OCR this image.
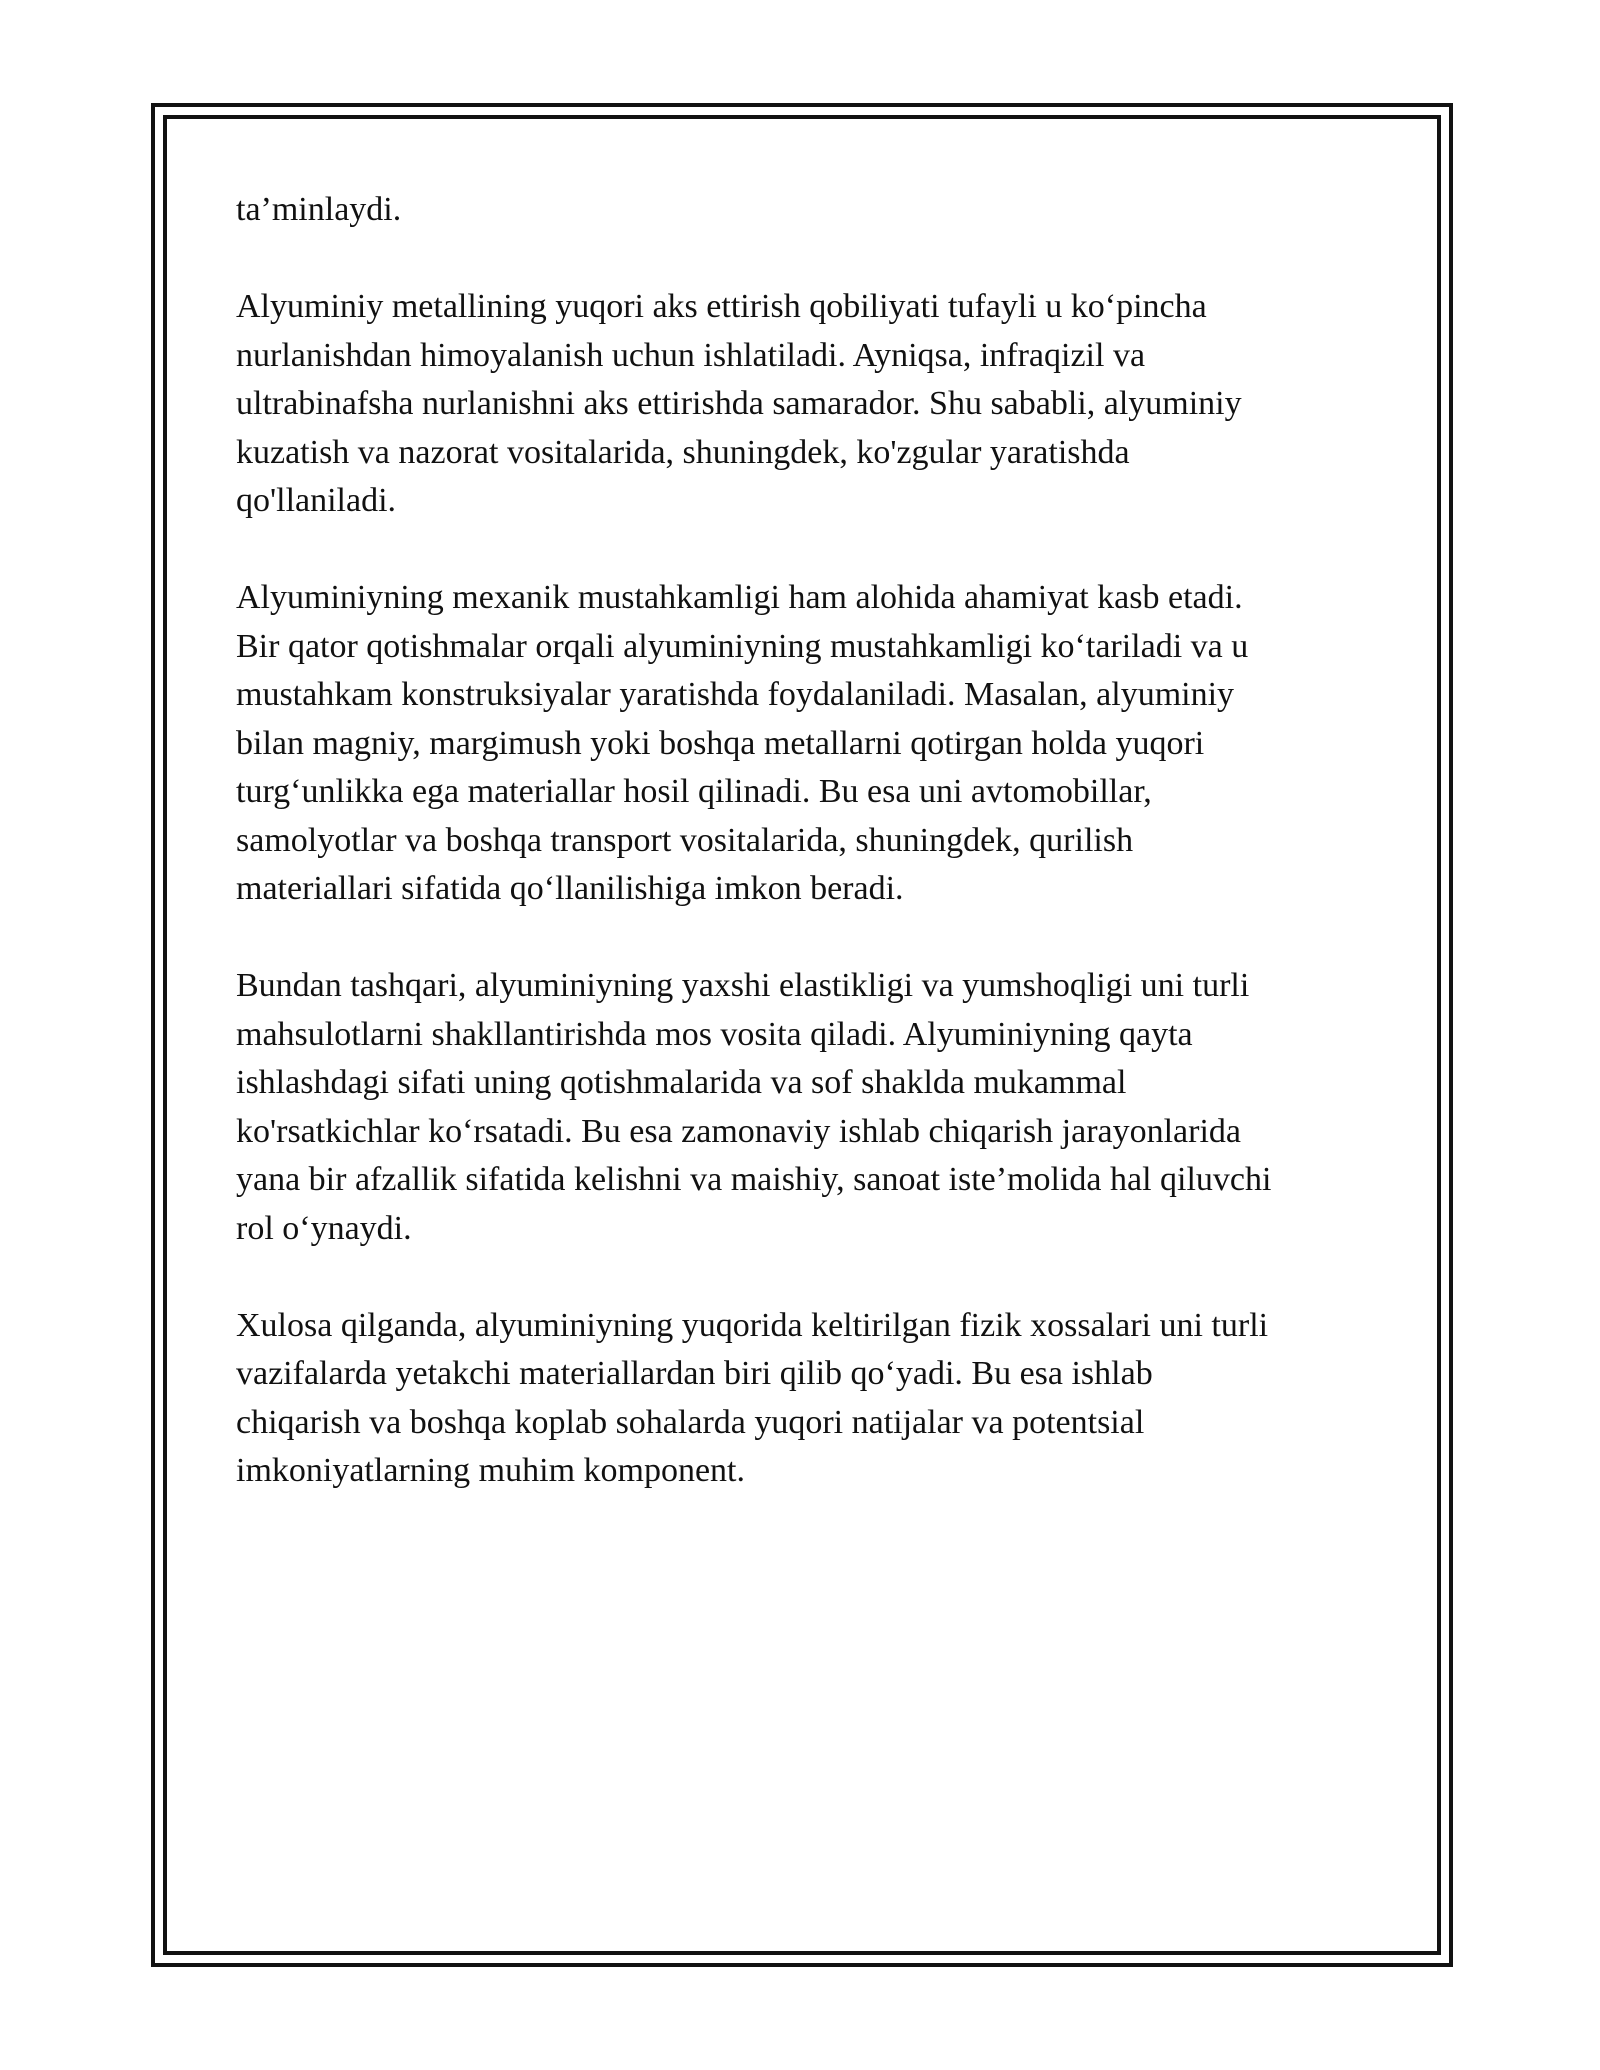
ta’minlaydi.

Alyuminiy metallining yuqori aks ettirish qobiliyati tufayli u ko‘pincha
nurlanishdan himoyalanish uchun ishlatiladi. Ayniqsa, infraqizil va
ultrabinafsha nurlanishni aks ettirishda samarador. Shu sababli, alyuminiy
kuzatish va nazorat vositalarida, shuningdek, ko'zgular yaratishda
qo'llaniladi.

Alyuminiyning mexanik mustahkamligi ham alohida ahamiyat kasb etadi.
Bir qator qotishmalar orqali alyuminiyning mustahkamligi ko‘tariladi va u
mustahkam konstruksiyalar yaratishda foydalaniladi. Masalan, alyuminiy
bilan magniy, margimush yoki boshqa metallarni qotirgan holda yuqori
turg‘unlikka ega materiallar hosil qilinadi. Bu esa uni avtomobillar,
samolyotlar va boshqa transport vositalarida, shuningdek, qurilish
materiallari sifatida qo‘llanilishiga imkon beradi.

Bundan tashqari, alyuminiyning yaxshi elastikligi va yumshoqligi uni turli
mahsulotlarni shakllantirishda mos vosita qiladi. Alyuminiyning qayta
ishlashdagi sifati uning qotishmalarida va sof shaklda mukammal
ko'rsatkichlar ko‘rsatadi. Bu esa zamonaviy ishlab chiqarish jarayonlarida
yana bir afzallik sifatida kelishni va maishiy, sanoat iste’molida hal qiluvchi
rol o‘ynaydi.

Xulosa qilganda, alyuminiyning yuqorida keltirilgan fizik xossalari uni turli
vazifalarda yetakchi materiallardan biri qilib qo‘yadi. Bu esa ishlab
chiqarish va boshqa koplab sohalarda yuqori natijalar va potentsial
imkoniyatlarning muhim komponent.
